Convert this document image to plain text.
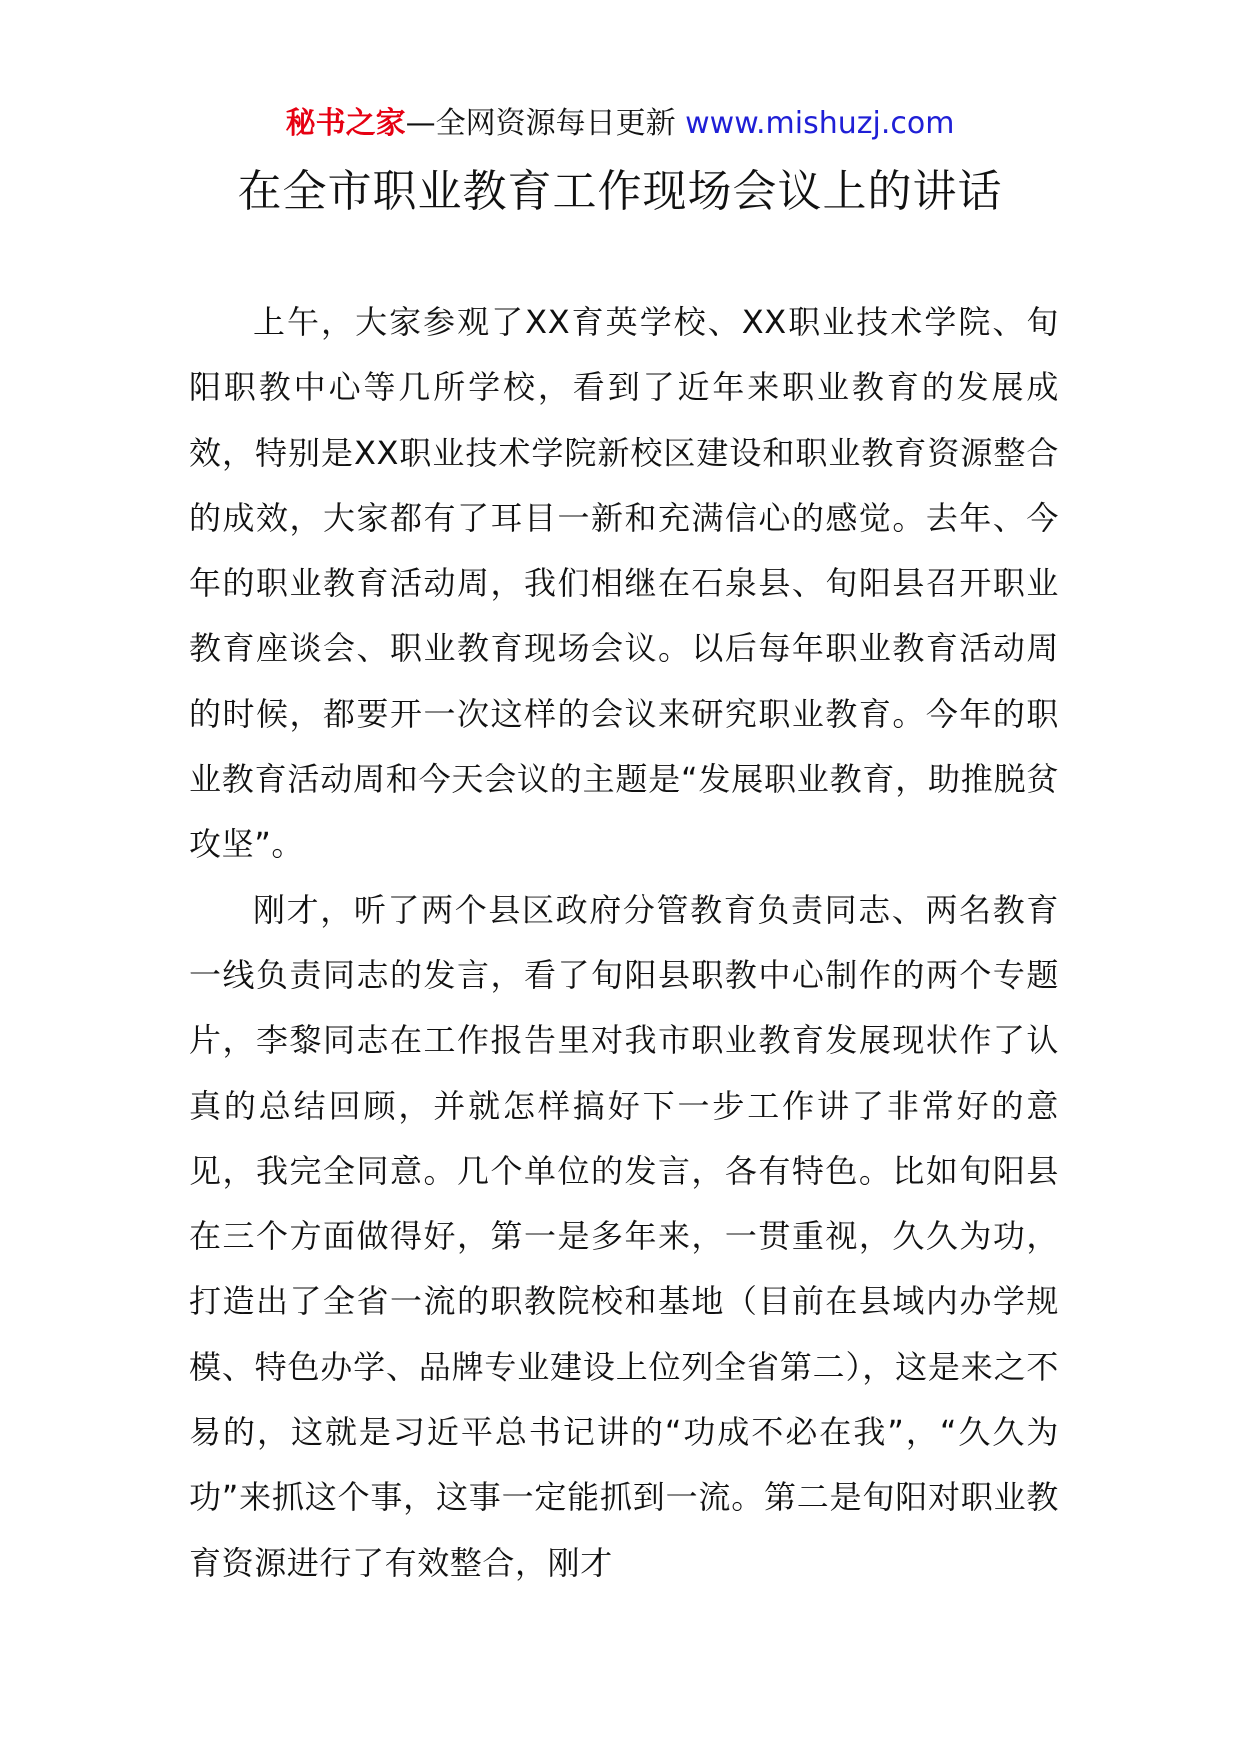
秘书之家—全网资源每日更新 www.mishuzj.com
在全市职业教育工作现场会议上的讲话

上午，大家参观了XX育英学校、XX职业技术学院、旬阳职教中心等几所学校，看到了近年来职业教育的发展成效，特别是XX职业技术学院新校区建设和职业教育资源整合的成效，大家都有了耳目一新和充满信心的感觉。去年、今年的职业教育活动周，我们相继在石泉县、旬阳县召开职业教育座谈会、职业教育现场会议。以后每年职业教育活动周的时候，都要开一次这样的会议来研究职业教育。今年的职业教育活动周和今天会议的主题是“发展职业教育，助推脱贫攻坚”。

刚才，听了两个县区政府分管教育负责同志、两名教育一线负责同志的发言，看了旬阳县职教中心制作的两个专题片，李黎同志在工作报告里对我市职业教育发展现状作了认真的总结回顾，并就怎样搞好下一步工作讲了非常好的意见，我完全同意。几个单位的发言，各有特色。比如旬阳县在三个方面做得好，第一是多年来，一贯重视，久久为功，打造出了全省一流的职教院校和基地（目前在县域内办学规模、特色办学、品牌专业建设上位列全省第二），这是来之不易的，这就是习近平总书记讲的“功成不必在我”，“久久为功”来抓这个事，这事一定能抓到一流。第二是旬阳对职业教育资源进行了有效整合，刚才
